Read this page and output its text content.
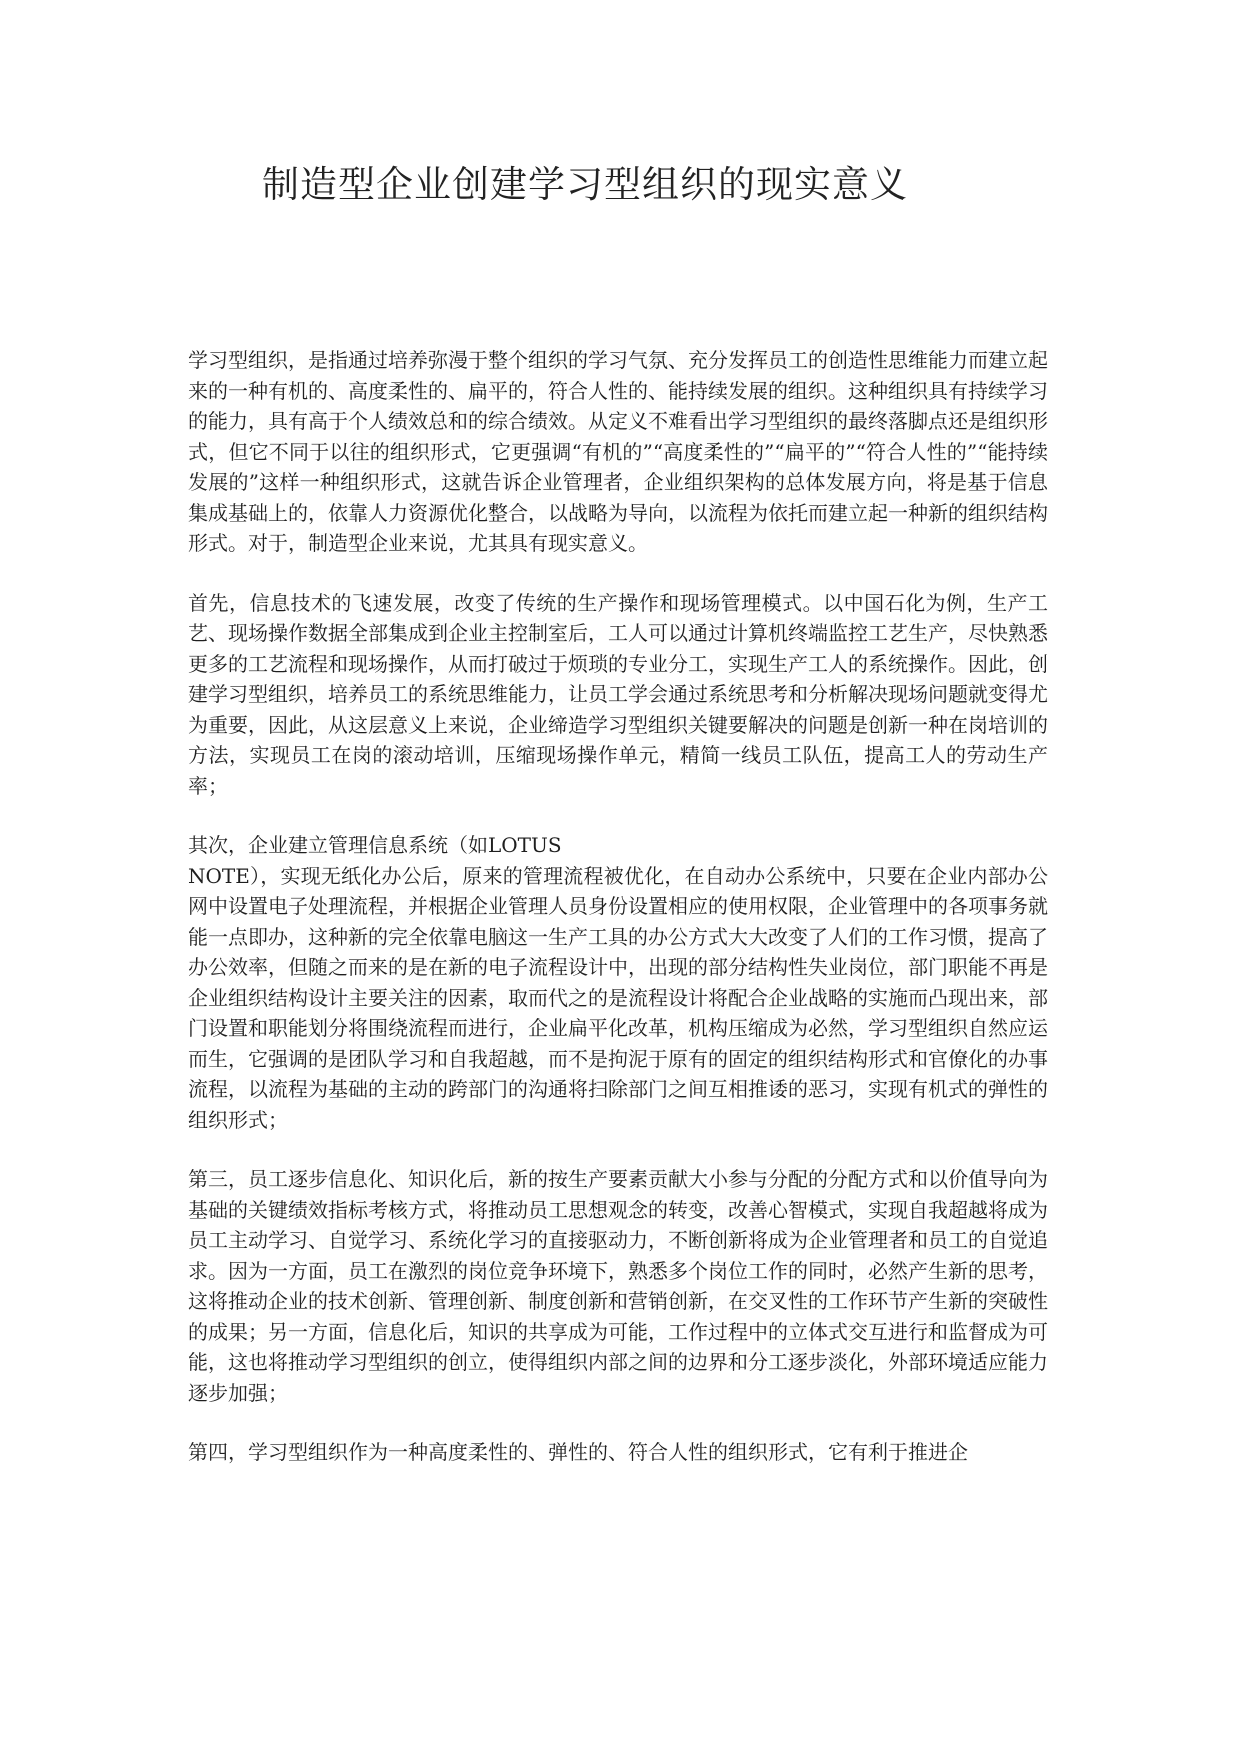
制造型企业创建学习型组织的现实意义

学习型组织，是指通过培养弥漫于整个组织的学习气氛、充分发挥员工的创造性思维能力而建立起来的一种有机的、高度柔性的、扁平的，符合人性的、能持续发展的组织。这种组织具有持续学习的能力，具有高于个人绩效总和的综合绩效。从定义不难看出学习型组织的最终落脚点还是组织形式，但它不同于以往的组织形式，它更强调“有机的”“高度柔性的”“扁平的”“符合人性的”“能持续发展的”这样一种组织形式，这就告诉企业管理者，企业组织架构的总体发展方向，将是基于信息集成基础上的，依靠人力资源优化整合，以战略为导向，以流程为依托而建立起一种新的组织结构形式。对于，制造型企业来说，尤其具有现实意义。

首先，信息技术的飞速发展，改变了传统的生产操作和现场管理模式。以中国石化为例，生产工艺、现场操作数据全部集成到企业主控制室后，工人可以通过计算机终端监控工艺生产，尽快熟悉更多的工艺流程和现场操作，从而打破过于烦琐的专业分工，实现生产工人的系统操作。因此，创建学习型组织，培养员工的系统思维能力，让员工学会通过系统思考和分析解决现场问题就变得尤为重要，因此，从这层意义上来说，企业缔造学习型组织关键要解决的问题是创新一种在岗培训的方法，实现员工在岗的滚动培训，压缩现场操作单元，精简一线员工队伍，提高工人的劳动生产率；

其次，企业建立管理信息系统（如LOTUS
NOTE），实现无纸化办公后，原来的管理流程被优化，在自动办公系统中，只要在企业内部办公网中设置电子处理流程，并根据企业管理人员身份设置相应的使用权限，企业管理中的各项事务就能一点即办，这种新的完全依靠电脑这一生产工具的办公方式大大改变了人们的工作习惯，提高了办公效率，但随之而来的是在新的电子流程设计中，出现的部分结构性失业岗位，部门职能不再是企业组织结构设计主要关注的因素，取而代之的是流程设计将配合企业战略的实施而凸现出来，部门设置和职能划分将围绕流程而进行，企业扁平化改革，机构压缩成为必然，学习型组织自然应运而生，它强调的是团队学习和自我超越，而不是拘泥于原有的固定的组织结构形式和官僚化的办事流程，以流程为基础的主动的跨部门的沟通将扫除部门之间互相推诿的恶习，实现有机式的弹性的组织形式；

第三，员工逐步信息化、知识化后，新的按生产要素贡献大小参与分配的分配方式和以价值导向为基础的关键绩效指标考核方式，将推动员工思想观念的转变，改善心智模式，实现自我超越将成为员工主动学习、自觉学习、系统化学习的直接驱动力，不断创新将成为企业管理者和员工的自觉追求。因为一方面，员工在激烈的岗位竞争环境下，熟悉多个岗位工作的同时，必然产生新的思考，这将推动企业的技术创新、管理创新、制度创新和营销创新，在交叉性的工作环节产生新的突破性的成果；另一方面，信息化后，知识的共享成为可能，工作过程中的立体式交互进行和监督成为可能，这也将推动学习型组织的创立，使得组织内部之间的边界和分工逐步淡化，外部环境适应能力逐步加强；

第四，学习型组织作为一种高度柔性的、弹性的、符合人性的组织形式，它有利于推进企
